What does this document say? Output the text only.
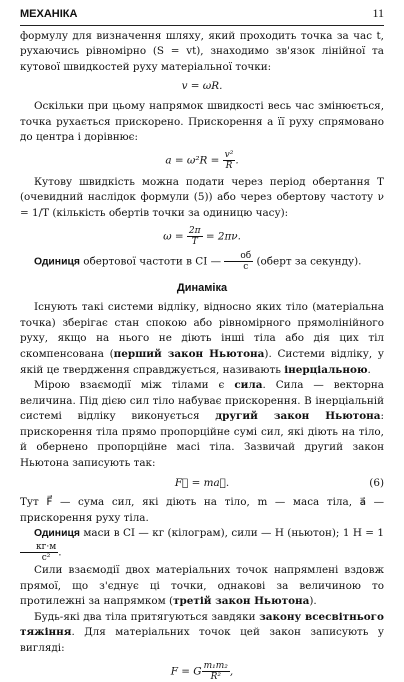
МЕХАНІКА	11

формулу для визначення шляху, який проходить точка за час t, рухаючись рівномірно (S = vt), знаходимо зв'язок лінійної та кутової швидкостей руху матеріальної точки:

v = ωR.

Оскільки при цьому напрямок швидкості весь час змінюється, точка рухається прискорено. Прискорення a її руху спрямовано до центра і дорівнює:

$a = \omega^2R = \frac{\text{v²}}{R}$ .

Кутову швидкість можна подати через період обертання T (очевидний наслідок формули (5)) або через обертову частоту ν = 1/T (кількість обертів точки за одиницю часу):

$\omega = \frac{2\pi}{T} = 2\pi\nu$.

Одиниця обертової частоти в СІ — $\frac{об}{с}$ (оберт за секунду).

Динаміка

Існують такі системи відліку, відносно яких тіло (матеріальна точка) зберігає стан спокою або рівномірного прямолінійного руху, якщо на нього не діють інші тіла або дія цих тіл скомпенсована (перший закон Ньютона). Системи відліку, у якій це твердження справджується, називають інерціальною.

Мірою взаємодії між тілами є сила. Сила — векторна величина. Під дією сил тіло набуває прискорення. В інерціальній системі відліку виконується другий закон Ньютона: прискорення тіла прямо пропорційне сумі сил, які діють на тіло, й обернено пропорційне масі тіла. Зазвичай другий закон Ньютона записують так:

F⃗ = ma⃗.	(6)

Тут F⃗ — сума сил, які діють на тіло, m — маса тіла, a⃗ — прискорення руху тіла.

Одиниця маси в СІ — кг (кілограм), сили — Н (ньютон); 1 Н = 1
$\frac{кг\cdot м}{\text{с²}}$ .

Сили взаємодії двох матеріальних точок напрямлені вздовж прямої, що з'єднує ці точки, однакові за величиною то протилежні за напрямком (третій закон Ньютона).

Будь-які два тіла притягуються завдяки закону всесвітнього тяжіння. Для матеріальних точок цей закон записують у вигляді:

F = G $\frac{\text{m₁m₂}}{\text{R²}}$ ,
